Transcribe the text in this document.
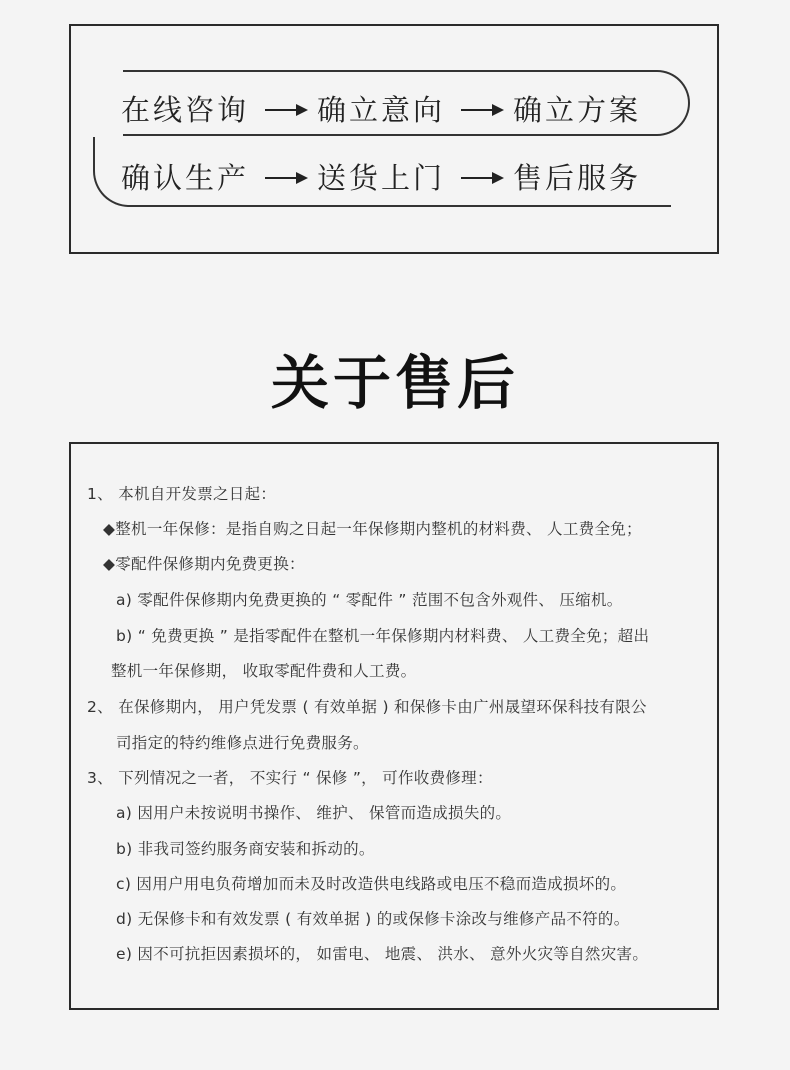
在线咨询 确立意向 确立方案
确认生产 送货上门 售后服务
关于售后
1、 本机自开发票之日起：
◆整机一年保修：是指自购之日起一年保修期内整机的材料费、 人工费全免；
◆零配件保修期内免费更换：
a) 零配件保修期内免费更换的 “ 零配件 ” 范围不包含外观件、 压缩机。
b) “ 免费更换 ” 是指零配件在整机一年保修期内材料费、 人工费全免；超出
整机一年保修期， 收取零配件费和人工费。
2、 在保修期内， 用户凭发票 ( 有效单据 ) 和保修卡由广州晟望环保科技有限公
司指定的特约维修点进行免费服务。
3、 下列情况之一者， 不实行 “ 保修 ”， 可作收费修理：
a) 因用户未按说明书操作、 维护、 保管而造成损失的。
b) 非我司签约服务商安装和拆动的。
c) 因用户用电负荷增加而未及时改造供电线路或电压不稳而造成损坏的。
d) 无保修卡和有效发票 ( 有效单据 ) 的或保修卡涂改与维修产品不符的。
e) 因不可抗拒因素损坏的， 如雷电、 地震、 洪水、 意外火灾等自然灾害。
